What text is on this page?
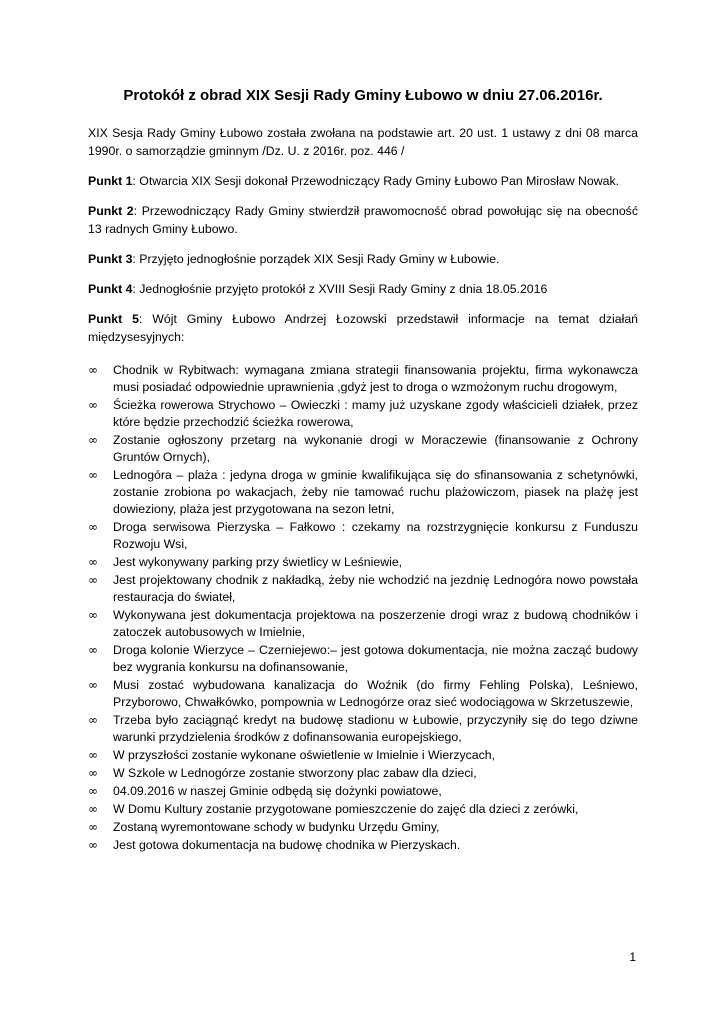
Protokół z obrad XIX Sesji Rady Gminy Łubowo w dniu 27.06.2016r.

XIX Sesja Rady Gminy Łubowo została zwołana na podstawie art. 20 ust. 1 ustawy z dni 08 marca 1990r. o samorządzie gminnym /Dz. U. z 2016r. poz. 446 /

Punkt 1: Otwarcia XIX Sesji dokonał Przewodniczący Rady Gminy Łubowo Pan Mirosław Nowak.

Punkt 2: Przewodniczący Rady Gminy stwierdził prawomocność obrad powołując się na obecność 13 radnych Gminy Łubowo.

Punkt 3: Przyjęto jednogłośnie porządek XIX Sesji Rady Gminy w Łubowie.

Punkt 4: Jednogłośnie przyjęto protokół z XVIII Sesji Rady Gminy z dnia 18.05.2016

Punkt 5: Wójt Gminy Łubowo Andrzej Łozowski przedstawił informacje na temat działań międzysesyjnych:

∞	Chodnik w Rybitwach: wymagana zmiana strategii finansowania projektu, firma wykonawcza musi posiadać odpowiednie uprawnienia ,gdyż jest to droga o wzmożonym ruchu drogowym,
∞	Ścieżka rowerowa Strychowo – Owieczki : mamy już uzyskane zgody właścicieli działek, przez które będzie przechodzić ścieżka rowerowa,
∞	Zostanie ogłoszony przetarg na wykonanie drogi w Moraczewie (finansowanie z Ochrony Gruntów Ornych),
∞	Lednogóra – plaża : jedyna droga w gminie kwalifikująca się do sfinansowania z schetynówki, zostanie zrobiona po wakacjach, żeby nie tamować ruchu plażowiczom, piasek na plażę jest dowieziony, plaża jest przygotowana na sezon letni,
∞	Droga serwisowa Pierzyska – Fałkowo : czekamy na rozstrzygnięcie konkursu z Funduszu Rozwoju Wsi,
∞	Jest wykonywany parking przy świetlicy w Leśniewie,
∞	Jest projektowany chodnik z nakładką, żeby nie wchodzić na jezdnię Lednogóra nowo powstała restauracja do świateł,
∞	Wykonywana jest dokumentacja projektowa na poszerzenie drogi wraz z budową chodników i zatoczek autobusowych w Imielnie,
∞	Droga kolonie Wierzyce – Czerniejewo:– jest gotowa dokumentacja, nie można zacząć budowy bez wygrania konkursu na dofinansowanie,
∞	Musi zostać wybudowana kanalizacja do Woźnik (do firmy Fehling Polska), Leśniewo, Przyborowo, Chwałkówko, pompownia w Lednogórze oraz sieć wodociągowa w Skrzetuszewie,
∞	Trzeba było zaciągnąć kredyt na budowę stadionu w Łubowie, przyczyniły się do tego dziwne warunki przydzielenia środków z dofinansowania europejskiego,
∞	W przyszłości zostanie wykonane oświetlenie w Imielnie i Wierzycach,
∞	W Szkole w Lednogórze zostanie stworzony plac zabaw dla dzieci,
∞	04.09.2016 w naszej Gminie odbędą się dożynki powiatowe,
∞	W Domu Kultury zostanie przygotowane pomieszczenie do zajęć dla dzieci z zerówki,
∞	Zostaną wyremontowane schody w budynku Urzędu Gminy,
∞	Jest gotowa dokumentacja na budowę chodnika w Pierzyskach.
1
